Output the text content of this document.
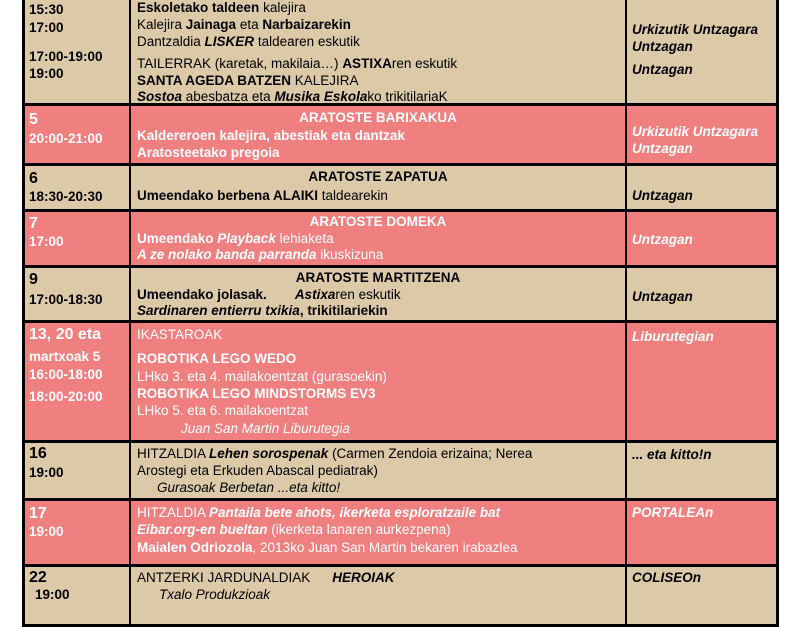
15:30
17:00
17:00-19:00
19:00
Eskoletako taldeen kalejira
Kalejira Jainaga eta Narbaizarekin
Dantzaldia LISKER taldearen eskutik
TAILERRAK (karetak, makilaia…) ASTIXAren eskutik
SANTA AGEDA BATZEN KALEJIRA
Sostoa abesbatza eta Musika Eskolako trikitilariaK
Urkizutik Untzagara
Untzagan
Untzagan
5
20:00-21:00
ARATOSTE BARIXAKUA
Kaldereroen kalejira, abestiak eta dantzak
Aratosteetako pregoia
Urkizutik Untzagara
Untzagan
6
18:30-20:30
ARATOSTE ZAPATUA
Umeendako berbena ALAIKI taldearekin	Untzagan
7
17:00
ARATOSTE DOMEKA
Umeendako Playback lehiaketa
A ze nolako banda parranda ikuskizuna
Untzagan
9
17:00-18:30
ARATOSTE MARTITZENA
Umeendako jolasak. Astixaren eskutik
Sardinaren entierru txikia, trikitilariekin
Untzagan
13, 20 eta
martxoak 5
16:00-18:00
18:00-20:00
IKASTAROAK
ROBOTIKA LEGO WEDO
LHko 3. eta 4. mailakoentzat (gurasoekin)
ROBOTIKA LEGO MINDSTORMS EV3
LHko 5. eta 6. mailakoentzat
Juan San Martin Liburutegia
Liburutegian
16
19:00
HITZALDIA Lehen sorospenak (Carmen Zendoia erizaina; Nerea
Arostegi eta Erkuden Abascal pediatrak)
Gurasoak Berbetan ...eta kitto!
... eta kitto!n
17
19:00
HITZALDIA Pantaila bete ahots, ikerketa esploratzaile bat
Eibar.org-en bueltan (ikerketa lanaren aurkezpena)
Maialen Odriozola, 2013ko Juan San Martin bekaren irabazlea
PORTALEAn
22
19:00
ANTZERKI JARDUNALDIAK HEROIAK
Txalo Produkzioak
COLISEOn
